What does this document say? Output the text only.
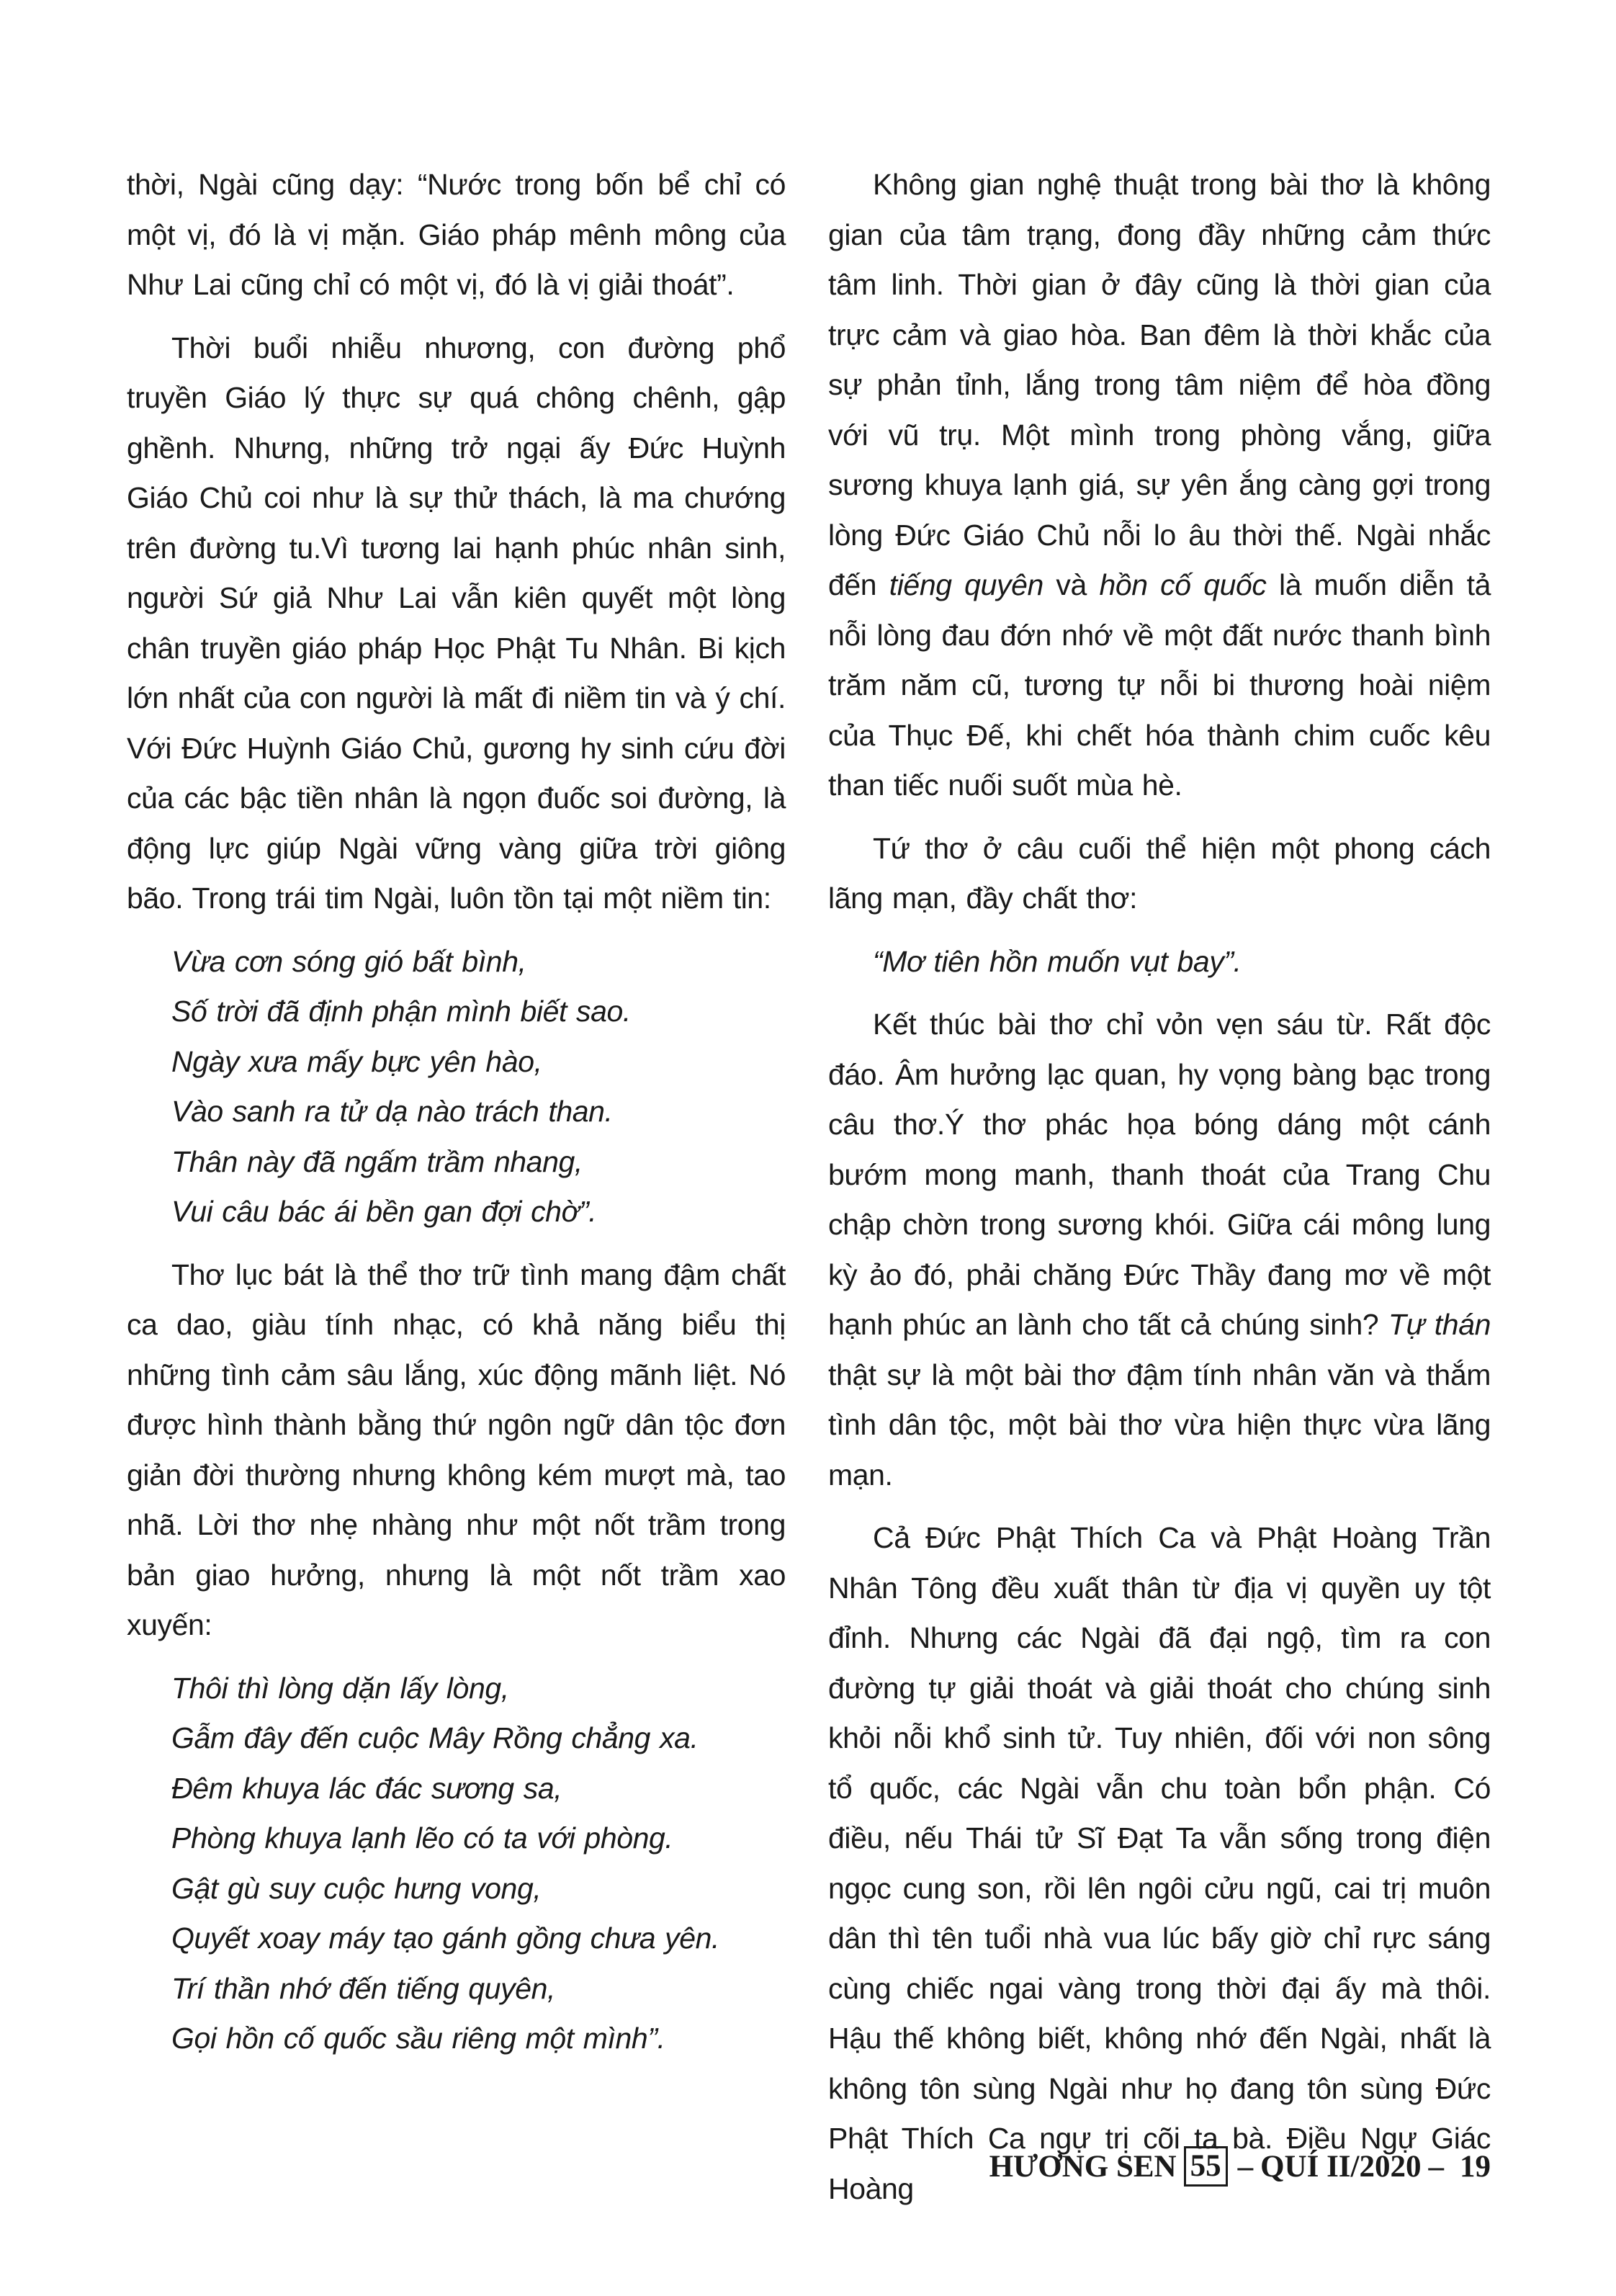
thời, Ngài cũng dạy: “Nước trong bốn bể chỉ có một vị, đó là vị mặn. Giáo pháp mênh mông của Như Lai cũng chỉ có một vị, đó là vị giải thoát”.

Thời buổi nhiễu nhương, con đường phổ truyền Giáo lý thực sự quá chông chênh, gập ghềnh. Nhưng, những trở ngại ấy Đức Huỳnh Giáo Chủ coi như là sự thử thách, là ma chướng trên đường tu.Vì tương lai hạnh phúc nhân sinh, người Sứ giả Như Lai vẫn kiên quyết một lòng chân truyền giáo pháp Học Phật Tu Nhân. Bi kịch lớn nhất của con người là mất đi niềm tin và ý chí. Với Đức Huỳnh Giáo Chủ, gương hy sinh cứu đời của các bậc tiền nhân là ngọn đuốc soi đường, là động lực giúp Ngài vững vàng giữa trời giông bão. Trong trái tim Ngài, luôn tồn tại một niềm tin:

Vừa cơn sóng gió bất bình,
Số trời đã định phận mình biết sao.
Ngày xưa mấy bực yên hào,
Vào sanh ra tử dạ nào trách than.
Thân này đã ngấm trầm nhang,
Vui câu bác ái bền gan đợi chờ”.

Thơ lục bát là thể thơ trữ tình mang đậm chất ca dao, giàu tính nhạc, có khả năng biểu thị những tình cảm sâu lắng, xúc động mãnh liệt. Nó được hình thành bằng thứ ngôn ngữ dân tộc đơn giản đời thường nhưng không kém mượt mà, tao nhã. Lời thơ nhẹ nhàng như một nốt trầm trong bản giao hưởng, nhưng là một nốt trầm xao xuyến:

Thôi thì lòng dặn lấy lòng,
Gẫm đây đến cuộc Mây Rồng chẳng xa.
Đêm khuya lác đác sương sa,
Phòng khuya lạnh lẽo có ta với phòng.
Gật gù suy cuộc hưng vong,
Quyết xoay máy tạo gánh gồng chưa yên.
Trí thần nhớ đến tiếng quyên,
Gọi hồn cố quốc sầu riêng một mình”.

Không gian nghệ thuật trong bài thơ là không gian của tâm trạng, đong đầy những cảm thức tâm linh. Thời gian ở đây cũng là thời gian của trực cảm và giao hòa. Ban đêm là thời khắc của sự phản tỉnh, lắng trong tâm niệm để hòa đồng với vũ trụ. Một mình trong phòng vắng, giữa sương khuya lạnh giá, sự yên ắng càng gợi trong lòng Đức Giáo Chủ nỗi lo âu thời thế. Ngài nhắc đến tiếng quyên và hồn cố quốc là muốn diễn tả nỗi lòng đau đớn nhớ về một đất nước thanh bình trăm năm cũ, tương tự nỗi bi thương hoài niệm của Thục Đế, khi chết hóa thành chim cuốc kêu than tiếc nuối suốt mùa hè.

Tứ thơ ở câu cuối thể hiện một phong cách lãng mạn, đầy chất thơ:

“Mơ tiên hồn muốn vụt bay”.

Kết thúc bài thơ chỉ vỏn vẹn sáu từ. Rất độc đáo. Âm hưởng lạc quan, hy vọng bàng bạc trong câu thơ.Ý thơ phác họa bóng dáng một cánh bướm mong manh, thanh thoát của Trang Chu chập chờn trong sương khói. Giữa cái mông lung kỳ ảo đó, phải chăng Đức Thầy đang mơ về một hạnh phúc an lành cho tất cả chúng sinh? Tự thán thật sự là một bài thơ đậm tính nhân văn và thắm tình dân tộc, một bài thơ vừa hiện thực vừa lãng mạn.

Cả Đức Phật Thích Ca và Phật Hoàng Trần Nhân Tông đều xuất thân từ địa vị quyền uy tột đỉnh. Nhưng các Ngài đã đại ngộ, tìm ra con đường tự giải thoát và giải thoát cho chúng sinh khỏi nỗi khổ sinh tử. Tuy nhiên, đối với non sông tổ quốc, các Ngài vẫn chu toàn bổn phận. Có điều, nếu Thái tử Sĩ Đạt Ta vẫn sống trong điện ngọc cung son, rồi lên ngôi cửu ngũ, cai trị muôn dân thì tên tuổi nhà vua lúc bấy giờ chỉ rực sáng cùng chiếc ngai vàng trong thời đại ấy mà thôi. Hậu thế không biết, không nhớ đến Ngài, nhất là không tôn sùng Ngài như họ đang tôn sùng Đức Phật Thích Ca ngự trị cõi ta bà. Điều Ngự Giác Hoàng

HƯƠNG SEN 55 – QUÍ II/2020 – 19
